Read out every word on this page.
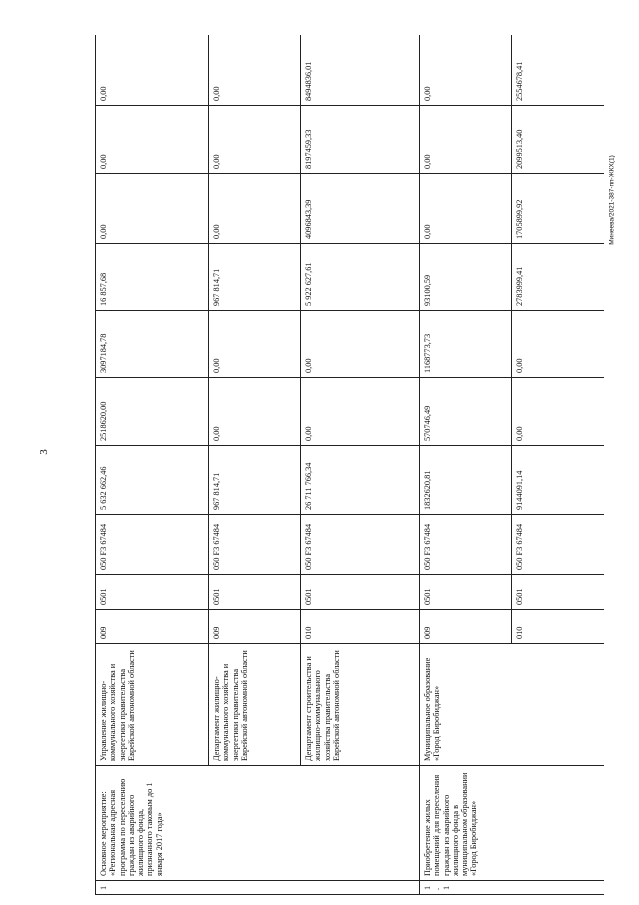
3
Минеева/2021-387-пп-ЖКХ(1)
1	Основное мероприятие: «Региональная адресная программа по переселению граждан из аварийного жилищного фонда, признанного таковым до 1 января 2017 года»	Управление жилищно-коммунального хозяйства и энергетики правительства Еврейской автономной области	009	0501	050 F3 67484	5 632 662,46	2518620,00	3097184,78	16 857,68	0,00	0,00	0,00
		Департамент жилищно-коммунального хозяйства и энергетики правительства Еврейской автономной области	009	0501	050 F3 67484	967 814,71	0,00	0,00	967 814,71	0,00	0,00	0,00
		Департамент строительства и жилищно-коммунального хозяйства правительства Еврейской автономной области	010	0501	050 F3 67484	26 711 766,34	0,00	0,00	5 922 627,61	4096843,39	8197459,33	8494836,01
1.1	Приобретение жилых помещений для переселения граждан из аварийного жилищного фонда в муниципальном образовании «Город Биробиджан»	Муниципальное образование «Город Биробиджан»	009	0501	050 F3 67484	1832620,81	570746,49	1168773,73	93100,59	0,00	0,00	0,00
			010	0501	050 F3 67484	9144091,14	0,00	0,00	2783999,41	1705899,92	2099513,40	2554678,41
